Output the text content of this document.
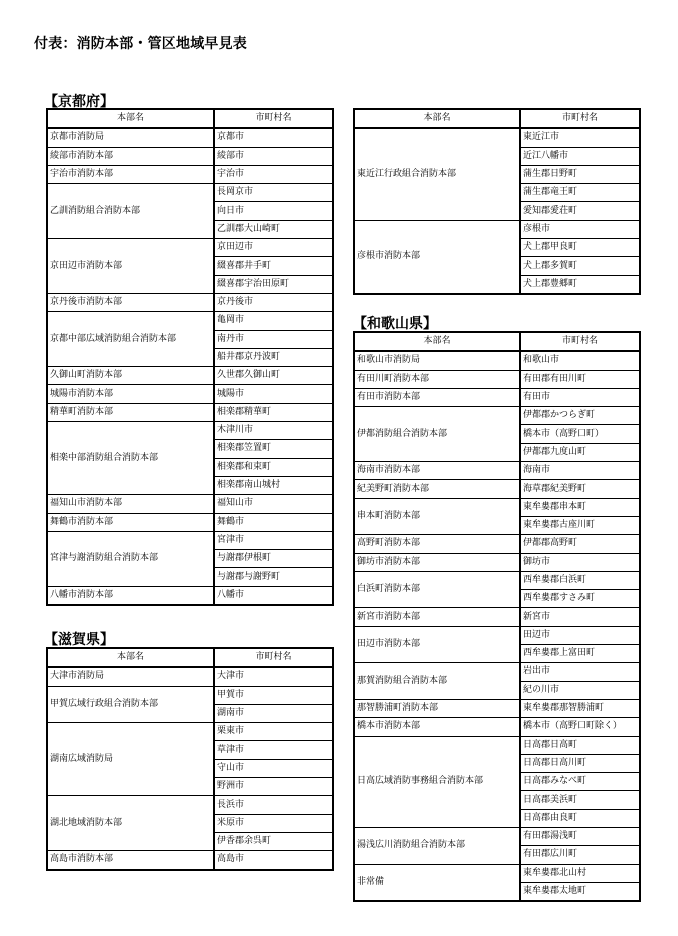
付表：消防本部・管区地域早見表
【京都府】
本部名	市町村名
京都市消防局	京都市
綾部市消防本部	綾部市
宇治市消防本部	宇治市
乙訓消防組合消防本部	長岡京市
	向日市
	乙訓郡大山崎町
京田辺市消防本部	京田辺市
	綴喜郡井手町
	綴喜郡宇治田原町
京丹後市消防本部	京丹後市
京都中部広域消防組合消防本部	亀岡市
	南丹市
	船井郡京丹波町
久御山町消防本部	久世郡久御山町
城陽市消防本部	城陽市
精華町消防本部	相楽郡精華町
相楽中部消防組合消防本部	木津川市
	相楽郡笠置町
	相楽郡和束町
	相楽郡南山城村
福知山市消防本部	福知山市
舞鶴市消防本部	舞鶴市
宮津与謝消防組合消防本部	宮津市
	与謝郡伊根町
	与謝郡与謝野町
八幡市消防本部	八幡市
【滋賀県】
本部名	市町村名
大津市消防局	大津市
甲賀広域行政組合消防本部	甲賀市
	湖南市
湖南広域消防局	栗東市
	草津市
	守山市
	野洲市
湖北地域消防本部	長浜市
	米原市
	伊香郡余呉町
高島市消防本部	高島市
本部名	市町村名
東近江行政組合消防本部	東近江市
	近江八幡市
	蒲生郡日野町
	蒲生郡竜王町
	愛知郡愛荘町
彦根市消防本部	彦根市
	犬上郡甲良町
	犬上郡多賀町
	犬上郡豊郷町
【和歌山県】
本部名	市町村名
和歌山市消防局	和歌山市
有田川町消防本部	有田郡有田川町
有田市消防本部	有田市
伊都消防組合消防本部	伊都郡かつらぎ町
	橋本市（高野口町）
	伊都郡九度山町
海南市消防本部	海南市
紀美野町消防本部	海草郡紀美野町
串本町消防本部	東牟婁郡串本町
	東牟婁郡古座川町
高野町消防本部	伊都郡高野町
御坊市消防本部	御坊市
白浜町消防本部	西牟婁郡白浜町
	西牟婁郡すさみ町
新宮市消防本部	新宮市
田辺市消防本部	田辺市
	西牟婁郡上富田町
那賀消防組合消防本部	岩出市
	紀の川市
那智勝浦町消防本部	東牟婁郡那智勝浦町
橋本市消防本部	橋本市（高野口町除く）
日高広域消防事務組合消防本部	日高郡日高町
	日高郡日高川町
	日高郡みなべ町
	日高郡美浜町
	日高郡由良町
湯浅広川消防組合消防本部	有田郡湯浅町
	有田郡広川町
非常備	東牟婁郡北山村
	東牟婁郡太地町
